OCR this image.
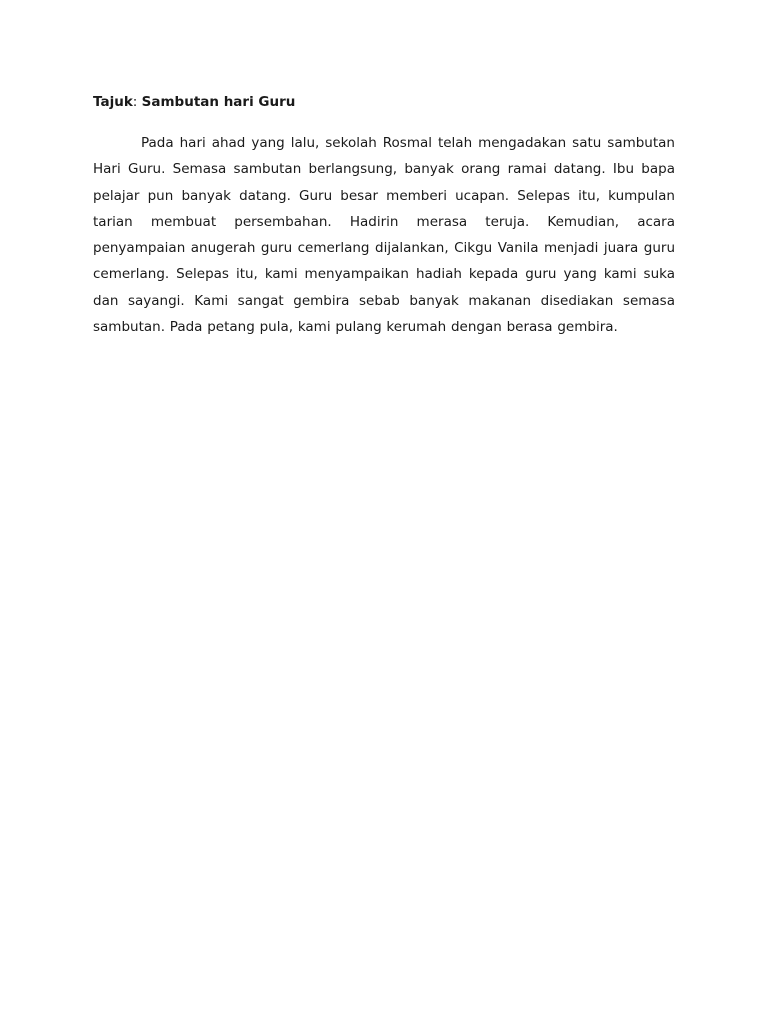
Tajuk: Sambutan hari Guru

Pada hari ahad yang lalu, sekolah Rosmal telah mengadakan satu sambutan Hari Guru. Semasa sambutan berlangsung, banyak orang ramai datang. Ibu bapa pelajar pun banyak datang. Guru besar memberi ucapan. Selepas itu, kumpulan tarian membuat persembahan. Hadirin merasa teruja. Kemudian, acara penyampaian anugerah guru cemerlang dijalankan, Cikgu Vanila menjadi juara guru cemerlang. Selepas itu, kami menyampaikan hadiah kepada guru yang kami suka dan sayangi. Kami sangat gembira sebab banyak makanan disediakan semasa sambutan. Pada petang pula, kami pulang kerumah dengan berasa gembira.
